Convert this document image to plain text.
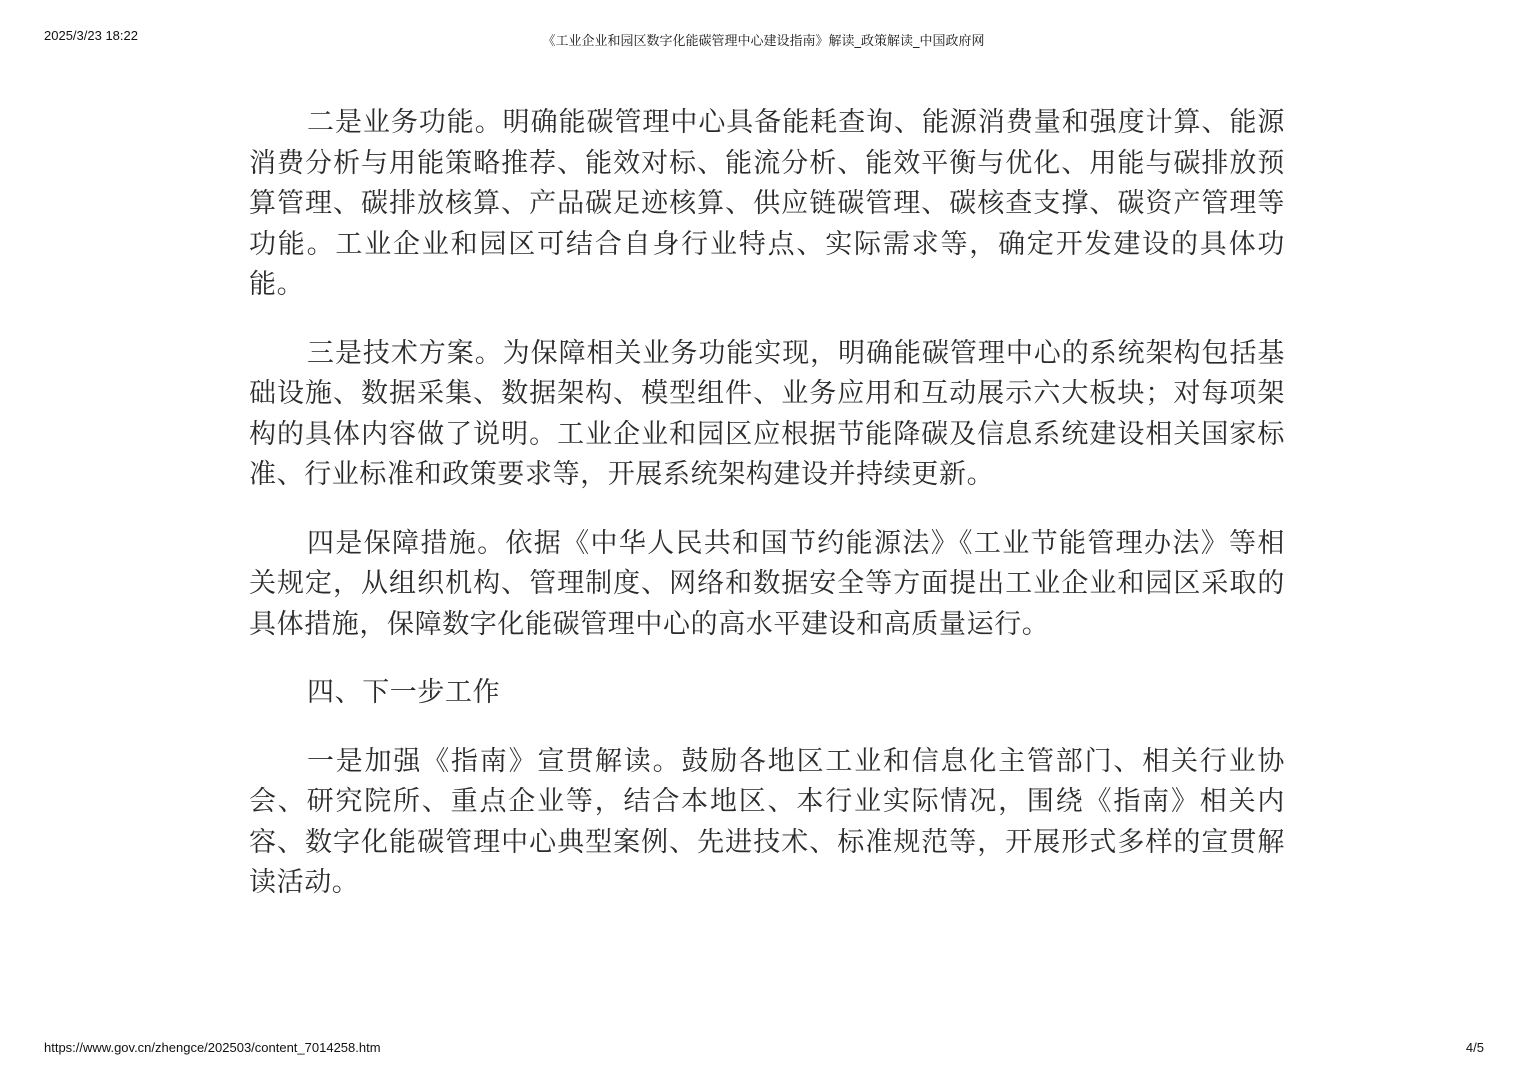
2025/3/23 18:22	《工业企业和园区数字化能碳管理中心建设指南》解读_政策解读_中国政府网

二是业务功能。明确能碳管理中心具备能耗查询、能源消费量和强度计算、能源消费分析与用能策略推荐、能效对标、能流分析、能效平衡与优化、用能与碳排放预算管理、碳排放核算、产品碳足迹核算、供应链碳管理、碳核查支撑、碳资产管理等功能。工业企业和园区可结合自身行业特点、实际需求等，确定开发建设的具体功能。

三是技术方案。为保障相关业务功能实现，明确能碳管理中心的系统架构包括基础设施、数据采集、数据架构、模型组件、业务应用和互动展示六大板块；对每项架构的具体内容做了说明。工业企业和园区应根据节能降碳及信息系统建设相关国家标准、行业标准和政策要求等，开展系统架构建设并持续更新。

四是保障措施。依据《中华人民共和国节约能源法》《工业节能管理办法》等相关规定，从组织机构、管理制度、网络和数据安全等方面提出工业企业和园区采取的具体措施，保障数字化能碳管理中心的高水平建设和高质量运行。

四、下一步工作

一是加强《指南》宣贯解读。鼓励各地区工业和信息化主管部门、相关行业协会、研究院所、重点企业等，结合本地区、本行业实际情况，围绕《指南》相关内容、数字化能碳管理中心典型案例、先进技术、标准规范等，开展形式多样的宣贯解读活动。

https://www.gov.cn/zhengce/202503/content_7014258.htm	4/5
